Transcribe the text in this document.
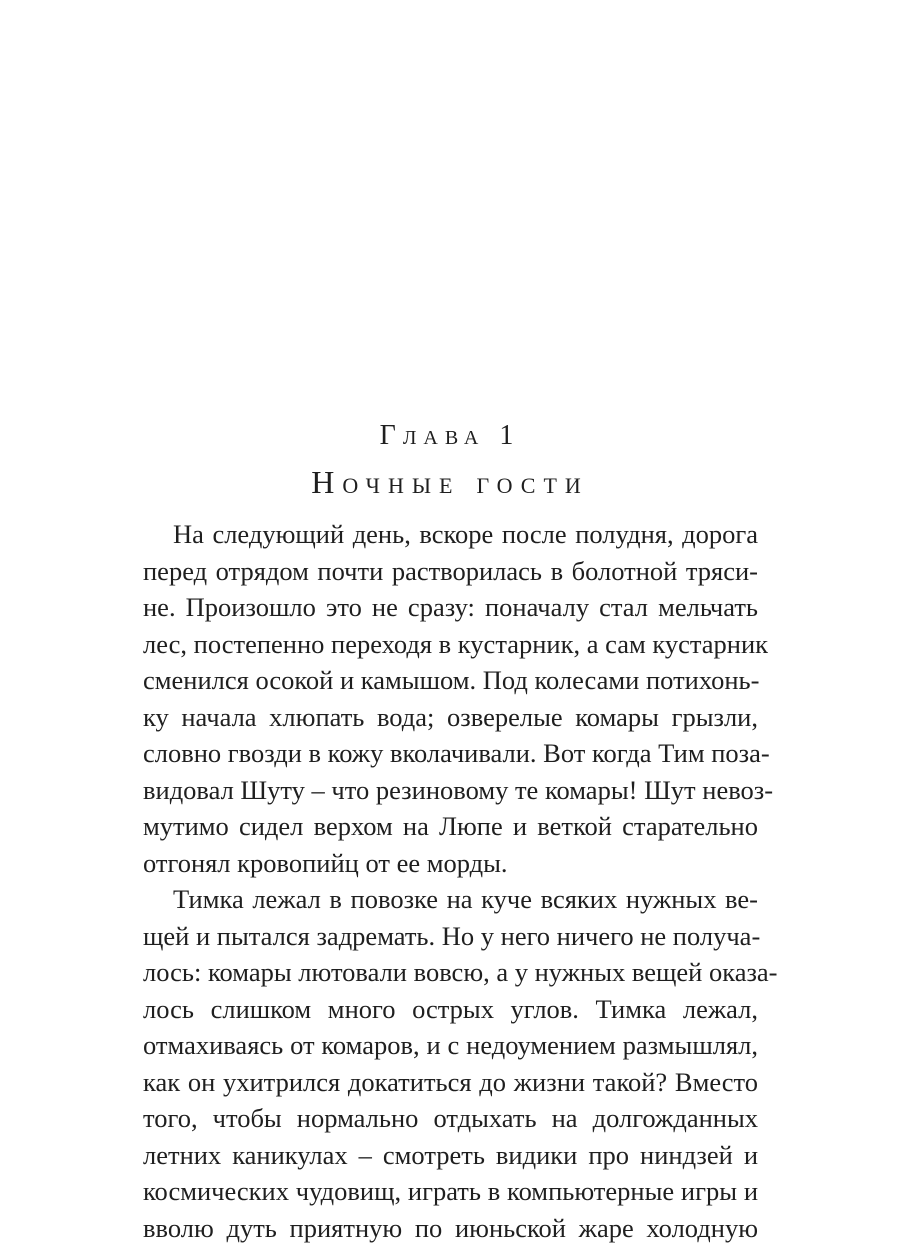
Глава 1
Ночные гости

На следующий день, вскоре после полудня, дорога
перед отрядом почти растворилась в болотной тряси-
не. Произошло это не сразу: поначалу стал мельчать
лес, постепенно переходя в кустарник, а сам кустарник
сменился осокой и камышом. Под колесами потихонь-
ку начала хлюпать вода; озверелые комары грызли,
словно гвозди в кожу вколачивали. Вот когда Тим поза-
видовал Шуту – что резиновому те комары! Шут невоз-
мутимо сидел верхом на Люпе и веткой старательно
отгонял кровопийц от ее морды.

Тимка лежал в повозке на куче всяких нужных ве-
щей и пытался задремать. Но у него ничего не получа-
лось: комары лютовали вовсю, а у нужных вещей оказа-
лось слишком много острых углов. Тимка лежал,
отмахиваясь от комаров, и с недоумением размышлял,
как он ухитрился докатиться до жизни такой? Вместо
того, чтобы нормально отдыхать на долгожданных
летних каникулах – смотреть видики про ниндзей и
космических чудовищ, играть в компьютерные игры и
вволю дуть приятную по июньской жаре холодную
